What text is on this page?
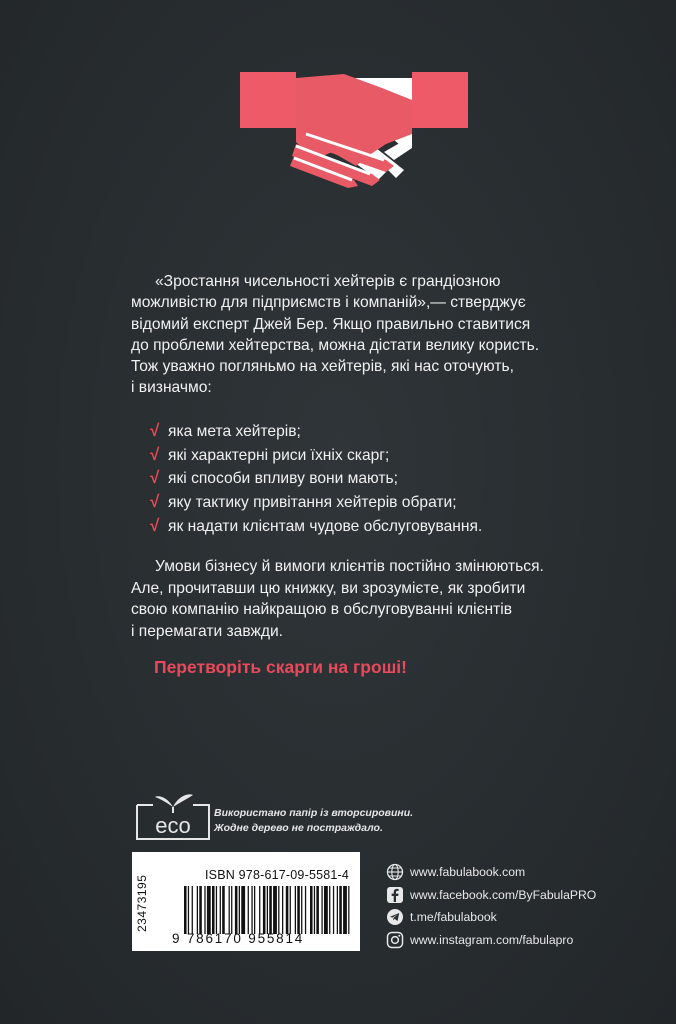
«Зростання чисельності хейтерів є грандіозною

можливістю для підприємств і компаній»,— стверджує

відомий експерт Джей Бер. Якщо правильно ставитися

до проблеми хейтерства, можна дістати велику користь.

Тож уважно погляньмо на хейтерів, які нас оточують,

і визначмо:

√ яка мета хейтерів;
√ які характерні риси їхніх скарг;
√ які способи впливу вони мають;
√ яку тактику привітання хейтерів обрати;
√ як надати клієнтам чудове обслуговування.
Умови бізнесу й вимоги клієнтів постійно змінюються.
Але, прочитавши цю книжку, ви зрозумієте, як зробити
свою компанію найкращою в обслуговуванні клієнтів
і перемагати завжди.
Перетворіть скарги на гроші!
eco Використано папір із вторсировини.
Жодне дерево не постраждало.
23473195	ISBN 978-617-09-5581-4
9 786170 955814
www.fabulabook.com
www.facebook.com/ByFabulaPRO
t.me/fabulabook
www.instagram.com/fabulapro
